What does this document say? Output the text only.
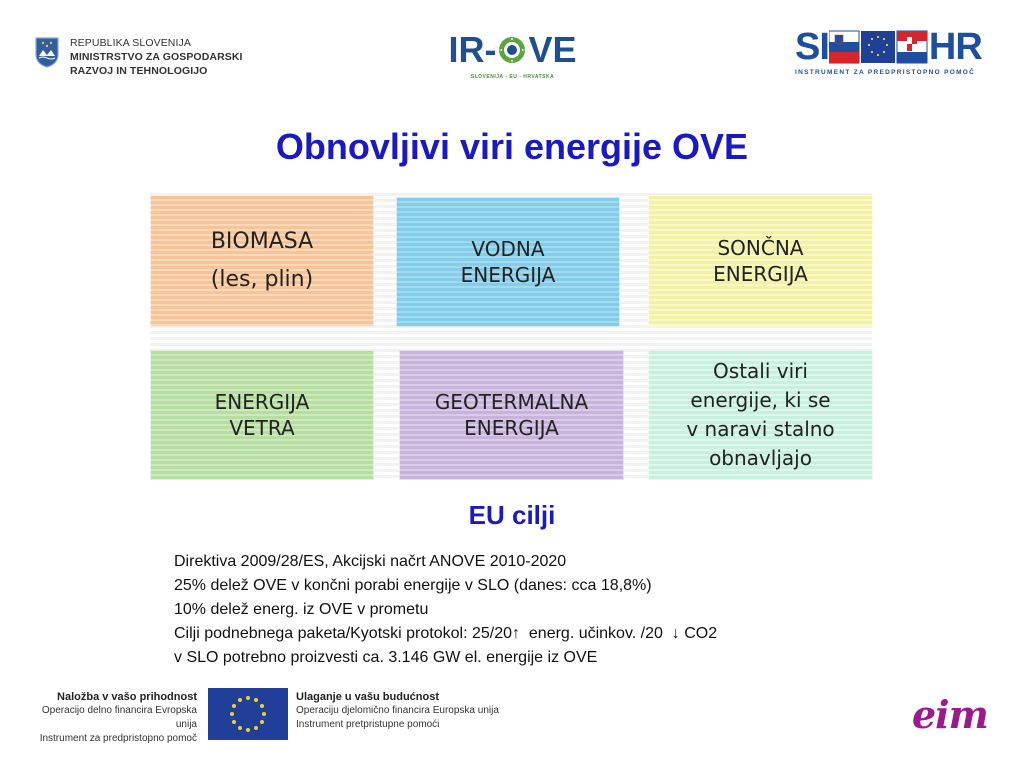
REPUBLIKA SLOVENIJA
MINISTRSTVO ZA GOSPODARSKI
RAZVOJ IN TEHNOLOGIJO
IR- VE
SLOVENIJA - EU - HRVATSKA
SI	HR
INSTRUMENT ZA PREDPRISTOPNO POMOČ
Obnovljivi viri energije OVE
BIOMASA
(les, plin)
VODNA
ENERGIJA
SONČNA
ENERGIJA
ENERGIJA
VETRA
GEOTERMALNA
ENERGIJA
Ostali viri
energije, ki se
v naravi stalno
obnavljajo
EU cilji
Direktiva 2009/28/ES, Akcijski načrt ANOVE 2010-2020
25% delež OVE v končni porabi energije v SLO (danes: cca 18,8%)
10% delež energ. iz OVE v prometu
Cilji podnebnega paketa/Kyotski protokol: 25/20↑  energ. učinkov. /20  ↓ CO2
v SLO potrebno proizvesti ca. 3.146 GW el. energije iz OVE
Naložba v vašo prihodnost
Operacijo delno financira Evropska unija
Instrument za predpristopno pomoč
Ulaganje u vašu budućnost
Operaciju djelomično financira Europska unija
Instrument pretpristupne pomoći	eim
